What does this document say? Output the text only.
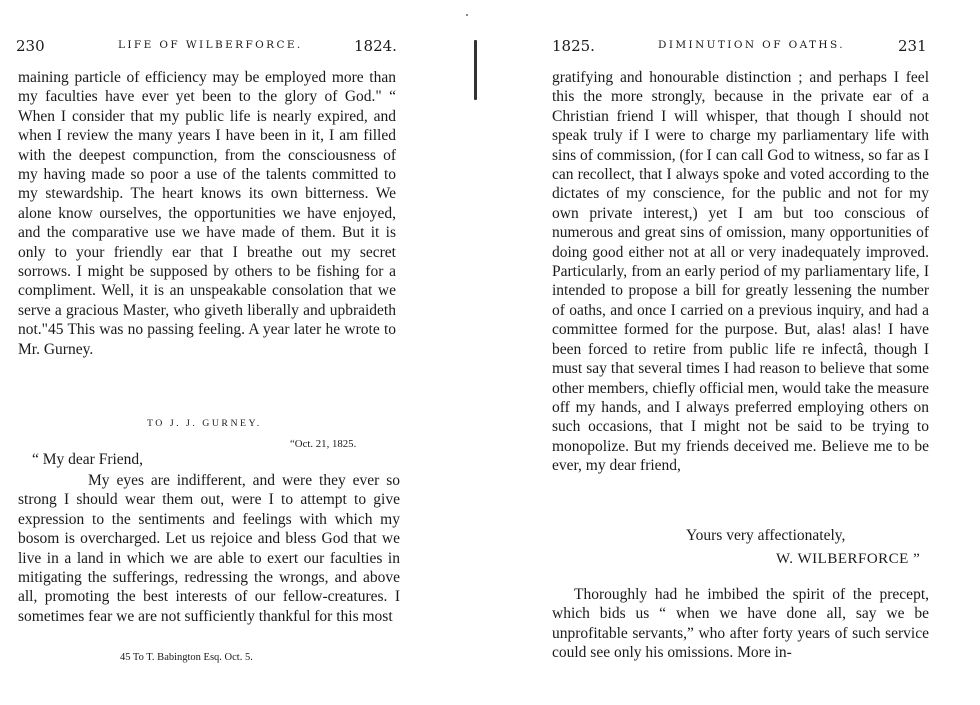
230	LIFE OF WILBERFORCE.	1824.

maining particle of efficiency may be employed more than my faculties have ever yet been to the glory of God." “ When I consider that my public life is nearly expired, and when I review the many years I have been in it, I am filled with the deepest compunction, from the consciousness of my having made so poor a use of the talents committed to my stewardship. The heart knows its own bitterness. We alone know ourselves, the opportunities we have enjoyed, and the comparative use we have made of them. But it is only to your friendly ear that I breathe out my secret sorrows. I might be supposed by others to be fishing for a compliment. Well, it is an unspeakable consolation that we serve a gracious Master, who giveth liberally and upbraideth not."45 This was no passing feeling. A year later he wrote to Mr. Gurney.

TO J. J. GURNEY.
“Oct. 21, 1825.
“ My dear Friend,

My eyes are indifferent, and were they ever so strong I should wear them out, were I to attempt to give expression to the sentiments and feelings with which my bosom is overcharged. Let us rejoice and bless God that we live in a land in which we are able to exert our faculties in mitigating the sufferings, redressing the wrongs, and above all, promoting the best interests of our fellow-creatures. I sometimes fear we are not sufficiently thankful for this most

45 To T. Babington Esq. Oct. 5.
1825.	DIMINUTION OF OATHS.	231

gratifying and honourable distinction ; and perhaps I feel this the more strongly, because in the private ear of a Christian friend I will whisper, that though I should not speak truly if I were to charge my parliamentary life with sins of commission, (for I can call God to witness, so far as I can recollect, that I always spoke and voted according to the dictates of my conscience, for the public and not for my own private interest,) yet I am but too conscious of numerous and great sins of omission, many opportunities of doing good either not at all or very inadequately improved. Particularly, from an early period of my parliamentary life, I intended to propose a bill for greatly lessening the number of oaths, and once I carried on a previous inquiry, and had a committee formed for the purpose. But, alas! alas! I have been forced to retire from public life re infectâ, though I must say that several times I had reason to believe that some other members, chiefly official men, would take the measure off my hands, and I always preferred employing others on such occasions, that I might not be said to be trying to monopolize. But my friends deceived me. Believe me to be ever, my dear friend,

Yours very affectionately,
W. WILBERFORCE ”

Thoroughly had he imbibed the spirit of the precept, which bids us “ when we have done all, say we be unprofitable servants,” who after forty years of such service could see only his omissions. More in-
